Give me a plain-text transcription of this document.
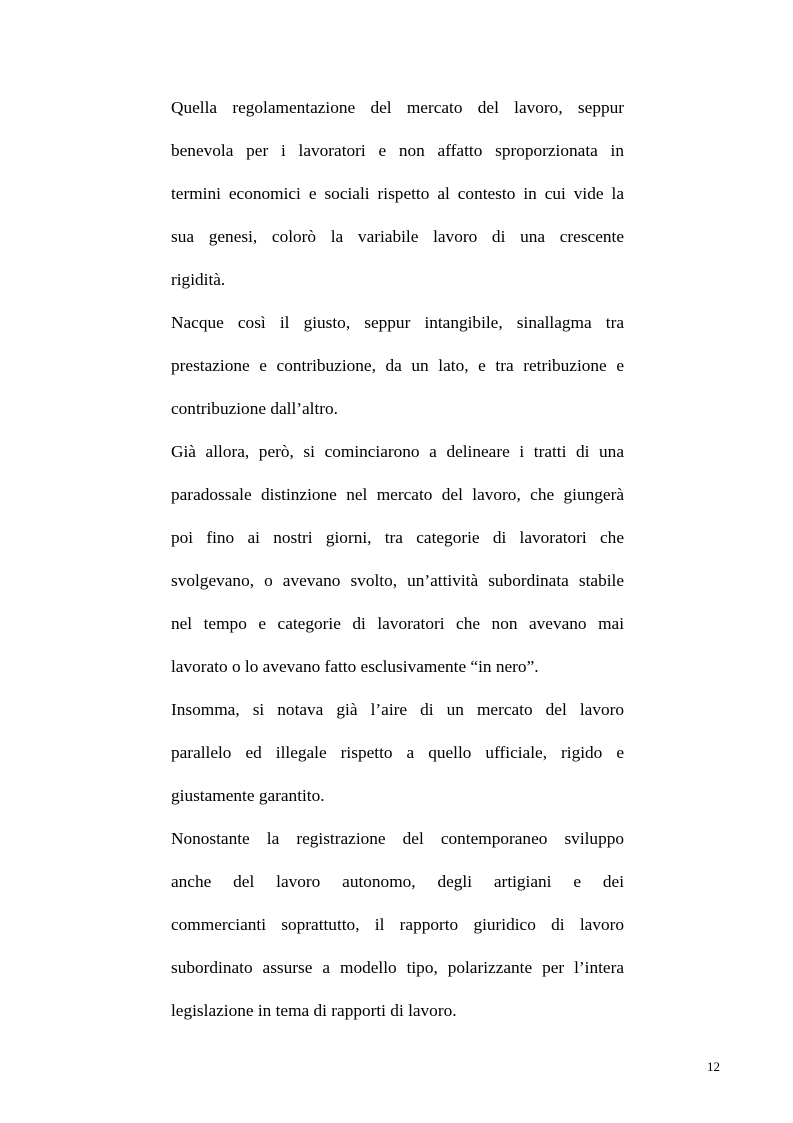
Quella regolamentazione del mercato del lavoro, seppur
benevola per i lavoratori e non affatto sproporzionata in
termini economici e sociali rispetto al contesto in cui vide la
sua genesi, colorò la variabile lavoro di una crescente
rigidità.
Nacque così il giusto, seppur intangibile, sinallagma tra
prestazione e contribuzione, da un lato, e tra retribuzione e
contribuzione dall’altro.
Già allora, però, si cominciarono a delineare i tratti di una
paradossale distinzione nel mercato del lavoro, che giungerà
poi fino ai nostri giorni, tra categorie di lavoratori che
svolgevano, o avevano svolto, un’attività subordinata stabile
nel tempo e categorie di lavoratori che non avevano mai
lavorato o lo avevano fatto esclusivamente “in nero”.
Insomma, si notava già l’aire di un mercato del lavoro
parallelo ed illegale rispetto a quello ufficiale, rigido e
giustamente garantito.
Nonostante la registrazione del contemporaneo sviluppo
anche del lavoro autonomo, degli artigiani e dei
commercianti soprattutto, il rapporto giuridico di lavoro
subordinato assurse a modello tipo, polarizzante per l’intera
legislazione in tema di rapporti di lavoro.
12
